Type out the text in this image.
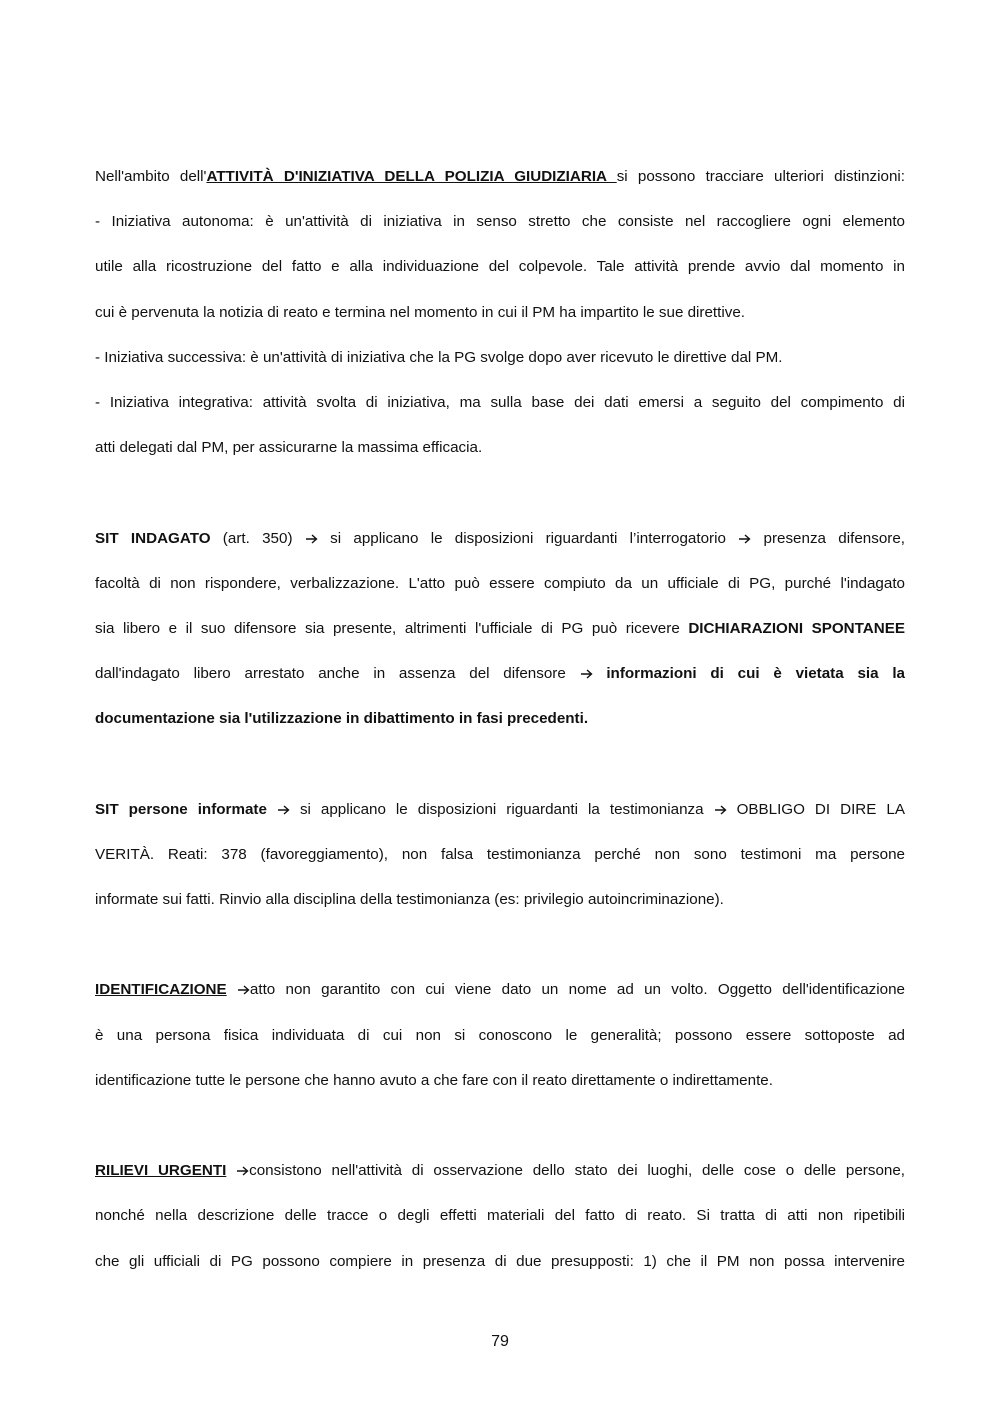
Nell'ambito dell'ATTIVITÀ D'INIZIATIVA DELLA POLIZIA GIUDIZIARIA si possono tracciare ulteriori distinzioni:
- Iniziativa autonoma: è un'attività di iniziativa in senso stretto che consiste nel raccogliere ogni elemento
utile alla ricostruzione del fatto e alla individuazione del colpevole. Tale attività prende avvio dal momento in
cui è pervenuta la notizia di reato e termina nel momento in cui il PM ha impartito le sue direttive.
- Iniziativa successiva: è un'attività di iniziativa che la PG svolge dopo aver ricevuto le direttive dal PM.
- Iniziativa integrativa: attività svolta di iniziativa, ma sulla base dei dati emersi a seguito del compimento di
atti delegati dal PM, per assicurarne la massima efficacia.
SIT INDAGATO (art. 350)  si applicano le disposizioni riguardanti l’interrogatorio  presenza difensore,
facoltà di non rispondere, verbalizzazione. L'atto può essere compiuto da un ufficiale di PG, purché l'indagato
sia libero e il suo difensore sia presente, altrimenti l'ufficiale di PG può ricevere DICHIARAZIONI SPONTANEE
dall'indagato libero arrestato anche in assenza del difensore  informazioni di cui è vietata sia la
documentazione sia l'utilizzazione in dibattimento in fasi precedenti.
SIT persone informate  si applicano le disposizioni riguardanti la testimonianza  OBBLIGO DI DIRE LA
VERITÀ. Reati: 378 (favoreggiamento), non falsa testimonianza perché non sono testimoni ma persone
informate sui fatti. Rinvio alla disciplina della testimonianza (es: privilegio autoincriminazione).
IDENTIFICAZIONE atto non garantito con cui viene dato un nome ad un volto. Oggetto dell'identificazione
è una persona fisica individuata di cui non si conoscono le generalità; possono essere sottoposte ad
identificazione tutte le persone che hanno avuto a che fare con il reato direttamente o indirettamente.
RILIEVI URGENTI consistono nell'attività di osservazione dello stato dei luoghi, delle cose o delle persone,
nonché nella descrizione delle tracce o degli effetti materiali del fatto di reato. Si tratta di atti non ripetibili
che gli ufficiali di PG possono compiere in presenza di due presupposti: 1) che il PM non possa intervenire
79
